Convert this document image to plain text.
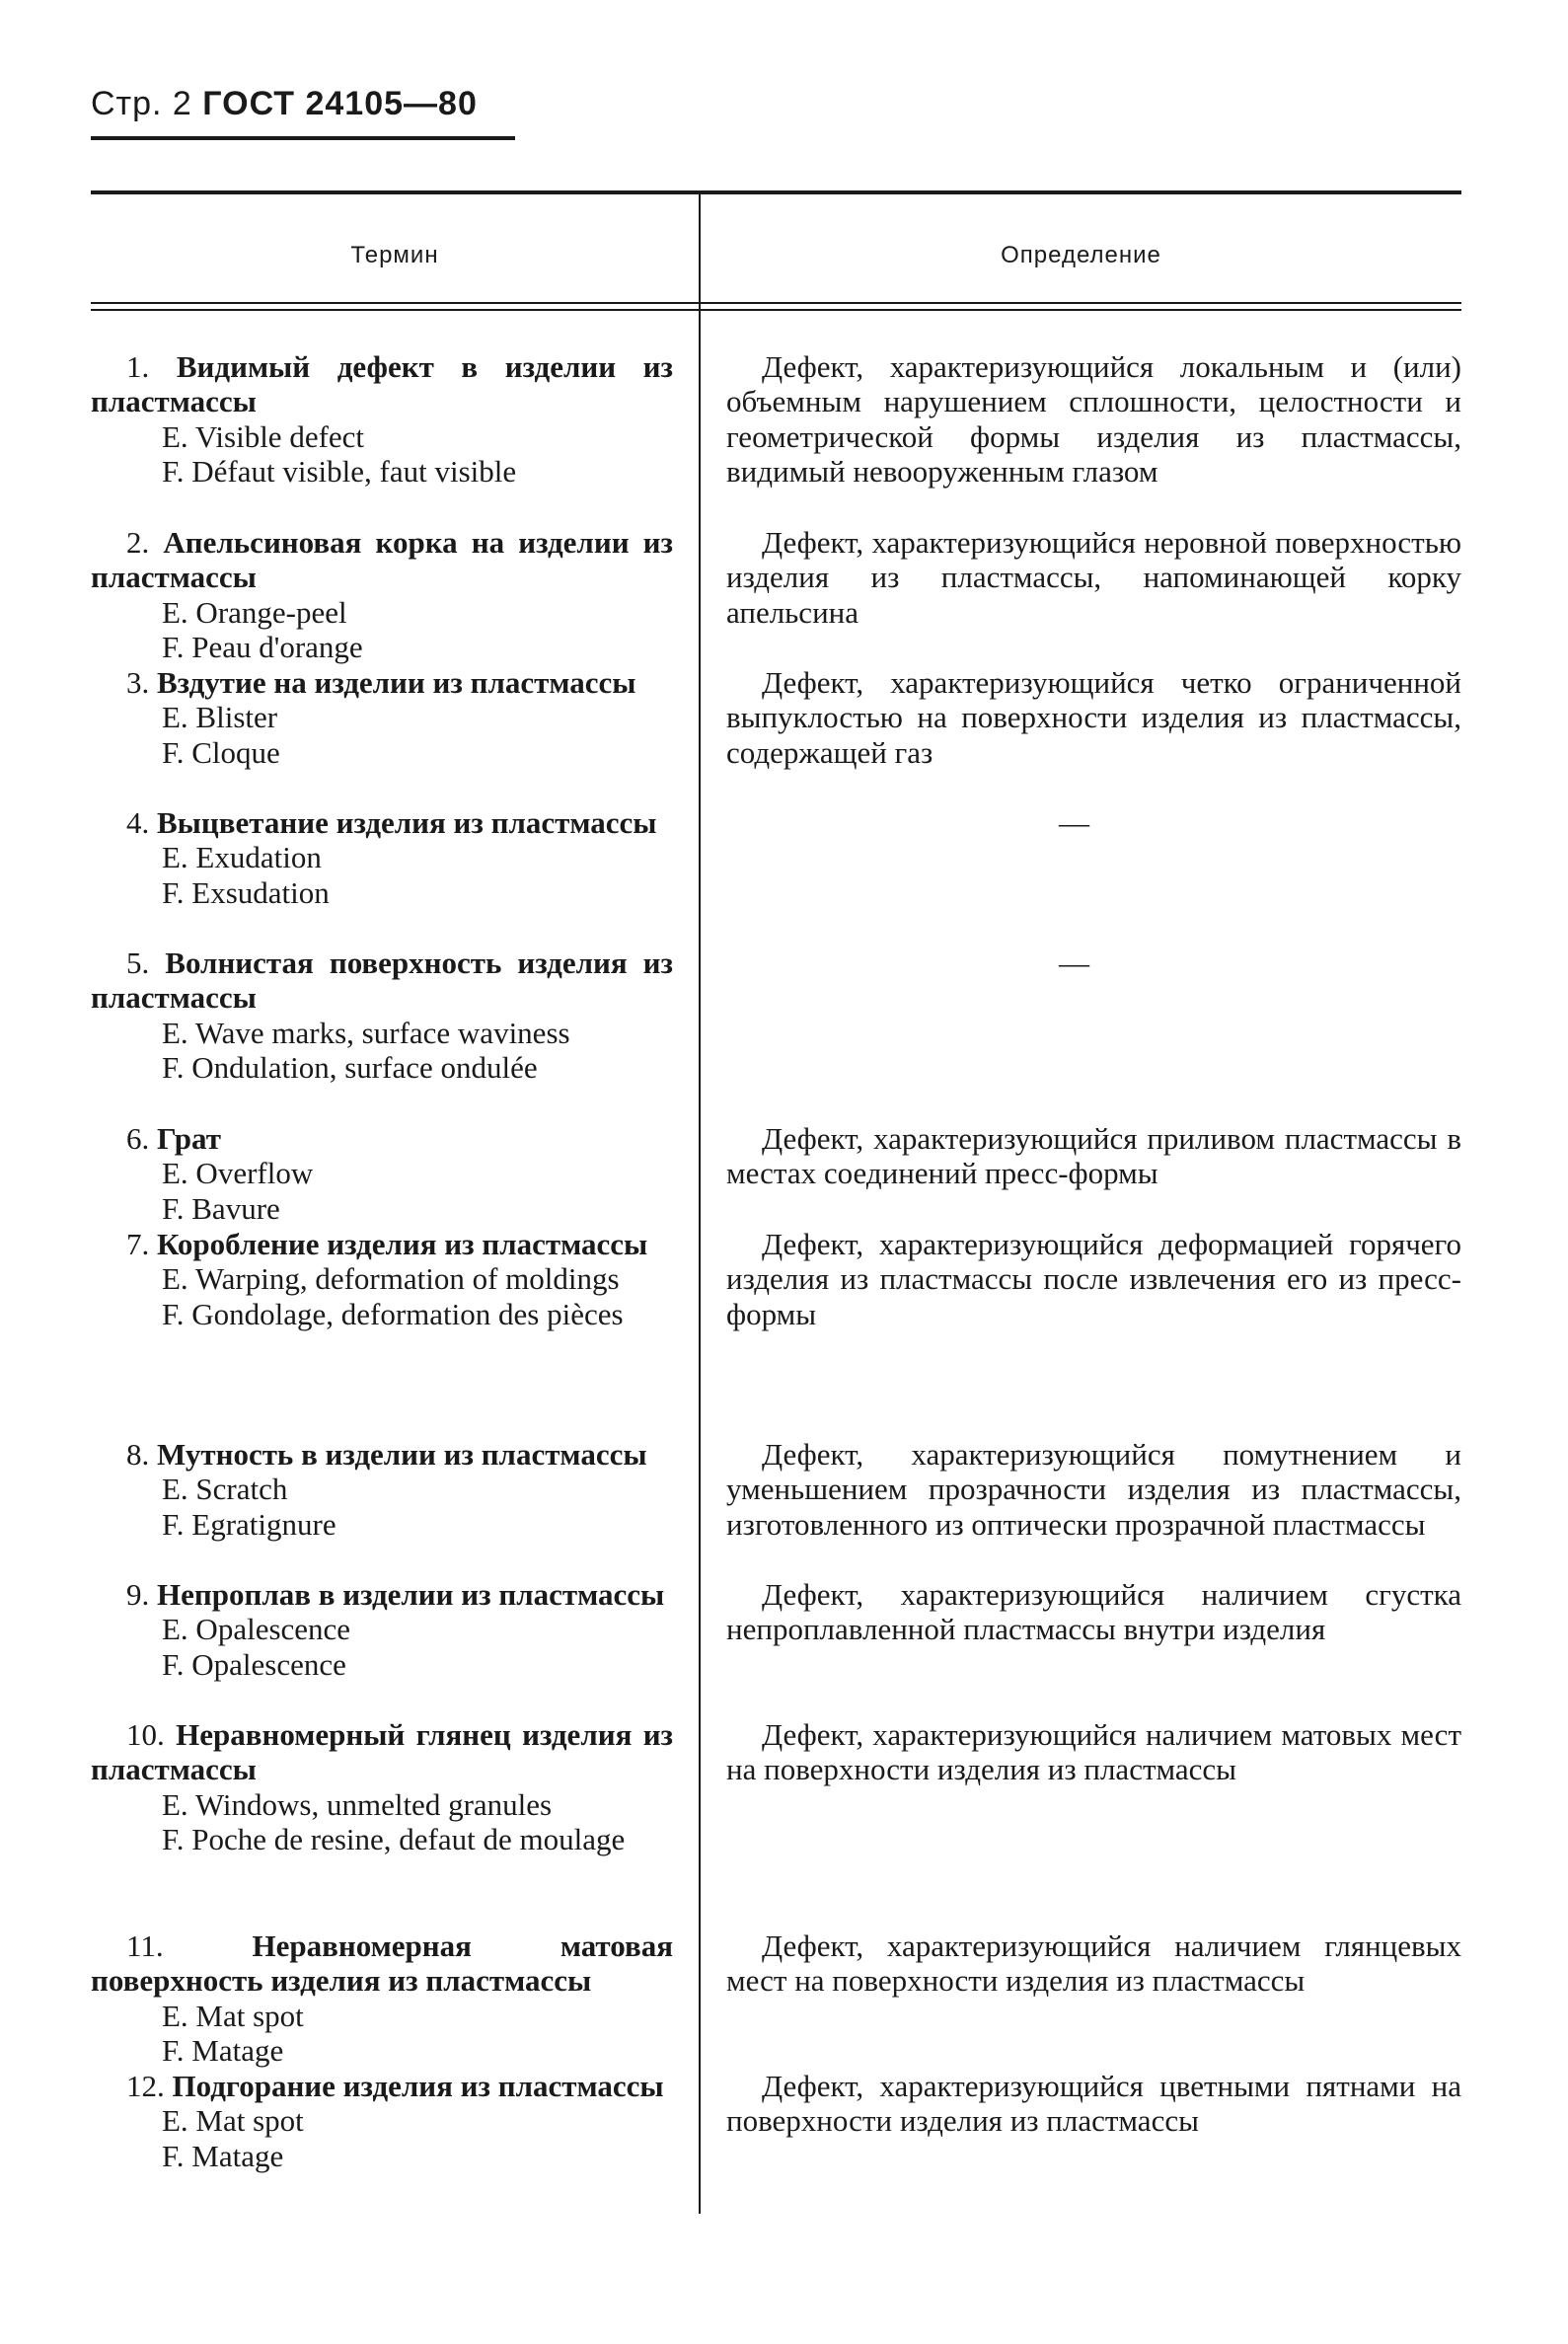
Стр. 2 ГОСТ 24105—80
Термин	Определение
1. Видимый дефект в изделии из пластмассы
E. Visible defect
F. Défaut visible, faut visible
Дефект, характеризующийся локальным и (или) объемным нарушением сплошности, целостности и геометрической формы изделия из пластмассы, видимый невооруженным глазом
2. Апельсиновая корка на изделии из пластмассы
E. Orange-peel
F. Peau d'orange
Дефект, характеризующийся неровной поверхностью изделия из пластмассы, напоминающей корку апельсина
3. Вздутие на изделии из пластмассы
E. Blister
F. Cloque
Дефект, характеризующийся четко ограниченной выпуклостью на поверхности изделия из пластмассы, содержащей газ
4. Выцветание изделия из пластмассы
E. Exudation
F. Exsudation
—
5. Волнистая поверхность изделия из пластмассы
E. Wave marks, surface waviness
F. Ondulation, surface ondulée
—
6. Грат
E. Overflow
F. Bavure
Дефект, характеризующийся приливом пластмассы в местах соединений пресс-формы
7. Коробление изделия из пластмассы
E. Warping, deformation of moldings
F. Gondolage, deformation des pièces
Дефект, характеризующийся деформацией горячего изделия из пластмассы после извлечения его из пресс-формы
8. Мутность в изделии из пластмассы
E. Scratch
F. Egratignure
Дефект, характеризующийся помутнением и уменьшением прозрачности изделия из пластмассы, изготовленного из оптически прозрачной пластмассы
9. Непроплав в изделии из пластмассы
E. Opalescence
F. Opalescence
Дефект, характеризующийся наличием сгустка непроплавленной пластмассы внутри изделия
10. Неравномерный глянец изделия из пластмассы
E. Windows, unmelted granules
F. Poche de resine, defaut de moulage
Дефект, характеризующийся наличием матовых мест на поверхности изделия из пластмассы
11.	Неравномерная матовая поверхность изделия из пластмассы
E. Mat spot
F. Matage
Дефект, характеризующийся наличием глянцевых мест на поверхности изделия из пластмассы
12. Подгорание изделия из пластмассы
E. Mat spot
F. Matage
Дефект, характеризующийся цветными пятнами на поверхности изделия из пластмассы
